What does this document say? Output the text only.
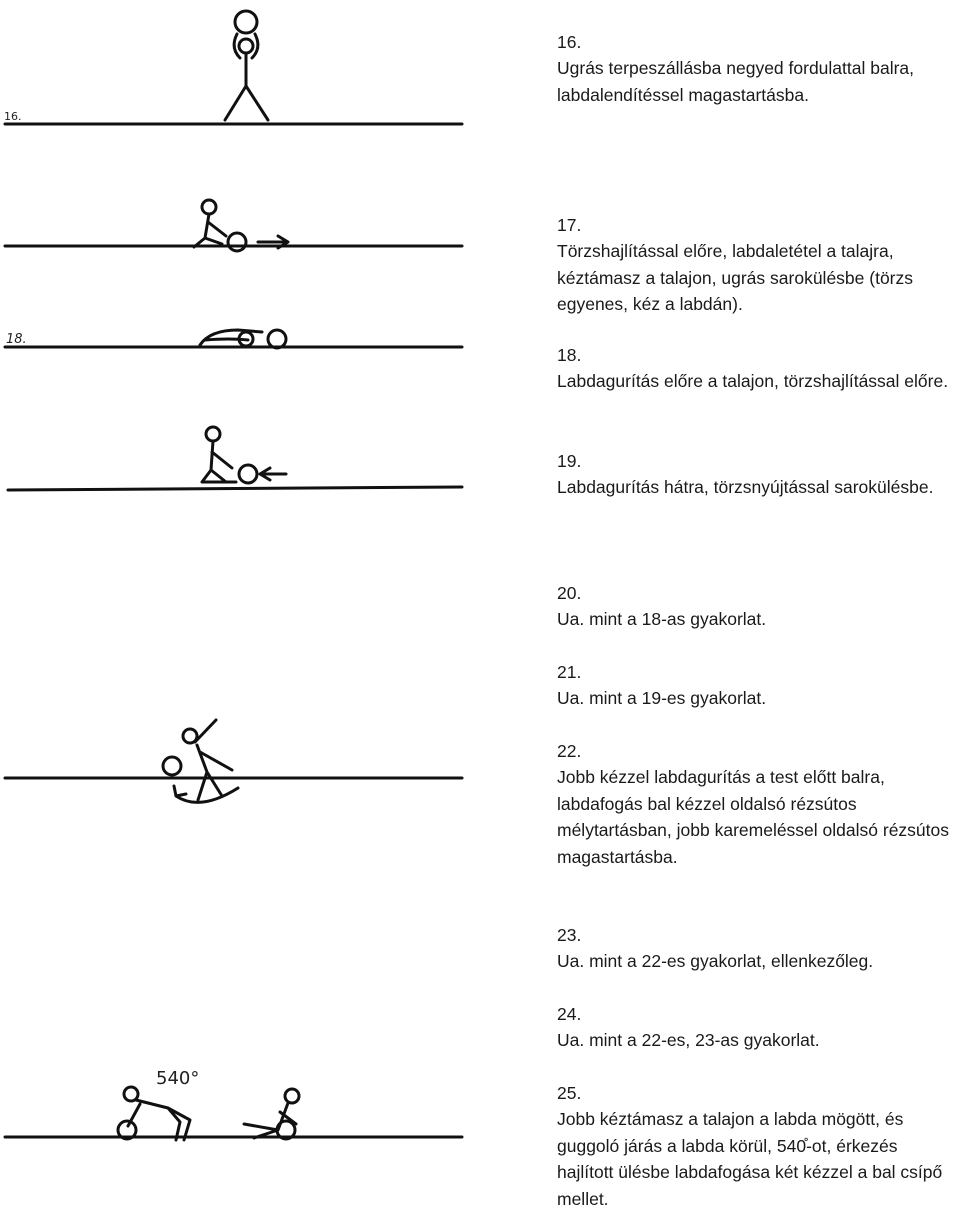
16.
18.
540°

16.
Ugrás terpeszállásba negyed fordulattal balra, labdalendítéssel magastartásba.

17.
Törzshajlítással előre, labdaletétel a talajra, kéztámasz a talajon, ugrás sarokülésbe (törzs egyenes, kéz a labdán).

18.
Labdagurítás előre a talajon, törzshajlítással előre.

19.
Labdagurítás hátra, törzsnyújtással sarokülésbe.

20.
Ua. mint a 18-as gyakorlat.

21.
Ua. mint a 19-es gyakorlat.

22.
Jobb kézzel labdagurítás a test előtt balra, labdafogás bal kézzel oldalsó rézsútos mélytartásban, jobb karemeléssel oldalsó rézsútos magastartásba.

23.
Ua. mint a 22-es gyakorlat, ellenkezőleg.

24.
Ua. mint a 22-es, 23-as gyakorlat.

25.
Jobb kéztámasz a talajon a labda mögött, és guggoló járás a labda körül, 540̊-ot, érkezés hajlított ülésbe labdafogása két kézzel a bal csípő mellet.
